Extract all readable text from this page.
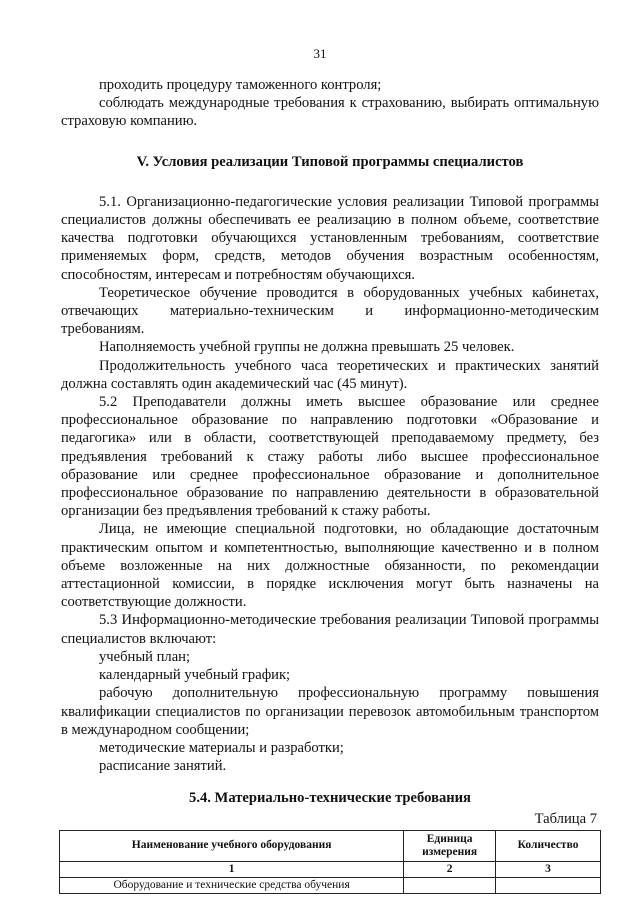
31

проходить процедуру таможенного контроля;

соблюдать международные требования к страхованию, выбирать оптимальную страховую компанию.

V. Условия реализации Типовой программы специалистов

5.1. Организационно-педагогические условия реализации Типовой программы специалистов должны обеспечивать ее реализацию в полном объеме, соответствие качества подготовки обучающихся установленным требованиям, соответствие применяемых форм, средств, методов обучения возрастным особенностям, способностям, интересам и потребностям обучающихся.

Теоретическое обучение проводится в оборудованных учебных кабинетах, отвечающих материально-техническим и информационно-методическим требованиям.

Наполняемость учебной группы не должна превышать 25 человек.

Продолжительность учебного часа теоретических и практических занятий должна составлять один академический час (45 минут).

5.2 Преподаватели должны иметь высшее образование или среднее профессиональное образование по направлению подготовки «Образование и педагогика» или в области, соответствующей преподаваемому предмету, без предъявления требований к стажу работы либо высшее профессиональное образование или среднее профессиональное образование и дополнительное профессиональное образование по направлению деятельности в образовательной организации без предъявления требований к стажу работы.

Лица, не имеющие специальной подготовки, но обладающие достаточным практическим опытом и компетентностью, выполняющие качественно и в полном объеме возложенные на них должностные обязанности, по рекомендации аттестационной комиссии, в порядке исключения могут быть назначены на соответствующие должности.

5.3 Информационно-методические требования реализации Типовой программы специалистов включают:

учебный план;

календарный учебный график;

рабочую дополнительную профессиональную программу повышения квалификации специалистов по организации перевозок автомобильным транспортом в международном сообщении;

методические материалы и разработки;

расписание занятий.

5.4. Материально-технические требования
Таблица 7
Наименование учебного оборудования	Единица измерения	Количество
1	2	3
Оборудование и технические средства обучения		
